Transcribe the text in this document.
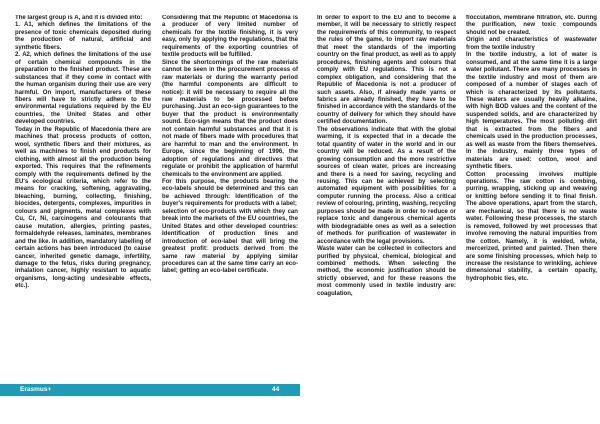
The largest group is A, and it is divided into:

1. A1, which defines the limitations of the presence of toxic chemicals deposited during the production of natural, artificial and synthetic fibers.

2. A2, which defines the limitations of the use of certain chemical compounds in the preparation to the finished product. These are substances that if they come in contact with the human organism during their use are very harmful. On import, manufacturers of these fibers will have to strictly adhere to the environmental regulations required by the EU countries, the United States and other developed countries.

Today in the Republic of Macedonia there are machines that process products of cotton, wool, synthetic fibers and their mixtures, as well as machines to finish end products for clothing, with almost all the production being exported. This requires that the refinements comply with the requirements defined by the EU's ecological criteria, which refer to the means for cracking, softening, aggravating, bleaching, burning, collecting, finishing, biocides, detergents, complexes, impurities in colours and pigments, metal complexes with Cu, Cr, Ni, carcinogens and colourants that cause mutation, allergies, printing pastes, formaldehyde releases, laminates, membranes and the like. In addition, mandatory labelling of certain actions has been introduced (to cause cancer, inherited genetic damage, infertility, damage to the fetus, risks during pregnancy, inhalation cancer, highly resistant to aquatic organisms, long-acting undesirable effects, etc.).

Considering that the Republic of Macedonia is a producer of very limited number of chemicals for the textile finishing, it is very easy, only by applying the regulations, that the requirements of the exporting countries of textile products will be fulfilled.

Since the shortcomings of the raw materials cannot be seen in the procurement process of raw materials or during the warranty period (the harmful components are difficult to notice): it will be necessary to require all the raw materials to be processed before purchasing. Just an eco-sign guarantees to the buyer that the product is environmentally sound. Eco-sign means that the product does not contain harmful substances and that it is not made of fibers made with procedures that are harmful to man and the environment. In Europe, since the beginning of 1996, the adoption of regulations and directives that regulate or prohibit the application of harmful chemicals to the environment are applied.

For this purpose, the products bearing the eco-labels should be determined and this can be achieved through: Identification of the buyer's requirements for products with a label;

selection of eco-products with which they can break into the markets of the EU countries, the United States and other developed countries: Identification of production lines and introduction of eco-label that will bring the greatest profit: products derived from the same raw material by applying similar procedures can at the same time carry an eco-label; getting an eco-label certificate.

In order to export to the EU and to become a member, it will be necessary to strictly respect the requirements of this community, to respect the rules of the game, to import raw materials that meet the standards of the importing country on the final product, as well as to apply procedures, finishing agents and colours that comply with EU regulations. This is not a complex obligation, and considering that the Republic of Macedonia is not a producer of such assets. Also, if already made yarns or fabrics are already finished, they have to be finished in accordance with the standards of the country of delivery for which they should have certified documentation.

The observations indicate that with the global warming, it is expected that in a decade the total quantity of water in the world and in our country will be reduced. As a result of the growing consumption and the more restrictive sources of clean water, prices are increasing and there is a need for saving, recycling and reusing. This can be achieved by selecting automated equipment with possibilities for a computer running the process. Also a critical review of colouring, printing, washing, recycling purposes should be made in order to reduce or replace toxic and dangerous chemical agents with biodegradable ones as well as a selection of methods for purification of wastewater in accordance with the legal provisions.

Waste water can be collected in collectors and purified by physical, chemical, biological and combined methods. When selecting the method, the economic justification should be strictly observed, and for these reasons the most commonly used in textile industry are: coagulation,

flocculation, membrane filtration, etc. During the purification, new toxic compounds should not be created.

Origin and characteristics of wastewater from the textile industry

In the textile industry, a lot of water is consumed, and at the same time it is a large water pollutant. There are many processes in the textile industry and most of them are composed of a number of stages each of which is characterized by its pollutants. These waters are usually heavily alkaline, with high BOD values and the content of the suspended solids, and are characterized by high temperatures. The most polluting dirt that is extracted from the fibers and chemicals used in the production processes, as well as waste from the fibers themselves. In the industry, mainly three types of materials are used: cotton, wool and synthetic fibers.

Cotton processing involves multiple operations. The raw cotton is combing, purring, wrapping, sticking up and weaving or knitting before sending it to final finish. The above operations, apart from the starch, are mechanical, so that there is no waste water. Following these processes, the starch is removed, followed by wet processes that involve removing the natural impurities from the cotton. Namely, it is welded, white, mercerized, printed and painted. Then there are some finishing processes, which help to increase the resistance to wrinkling, achieve dimensional stability, a certain opacity, hydrophobic ties, etc.

Erasmus+	44
